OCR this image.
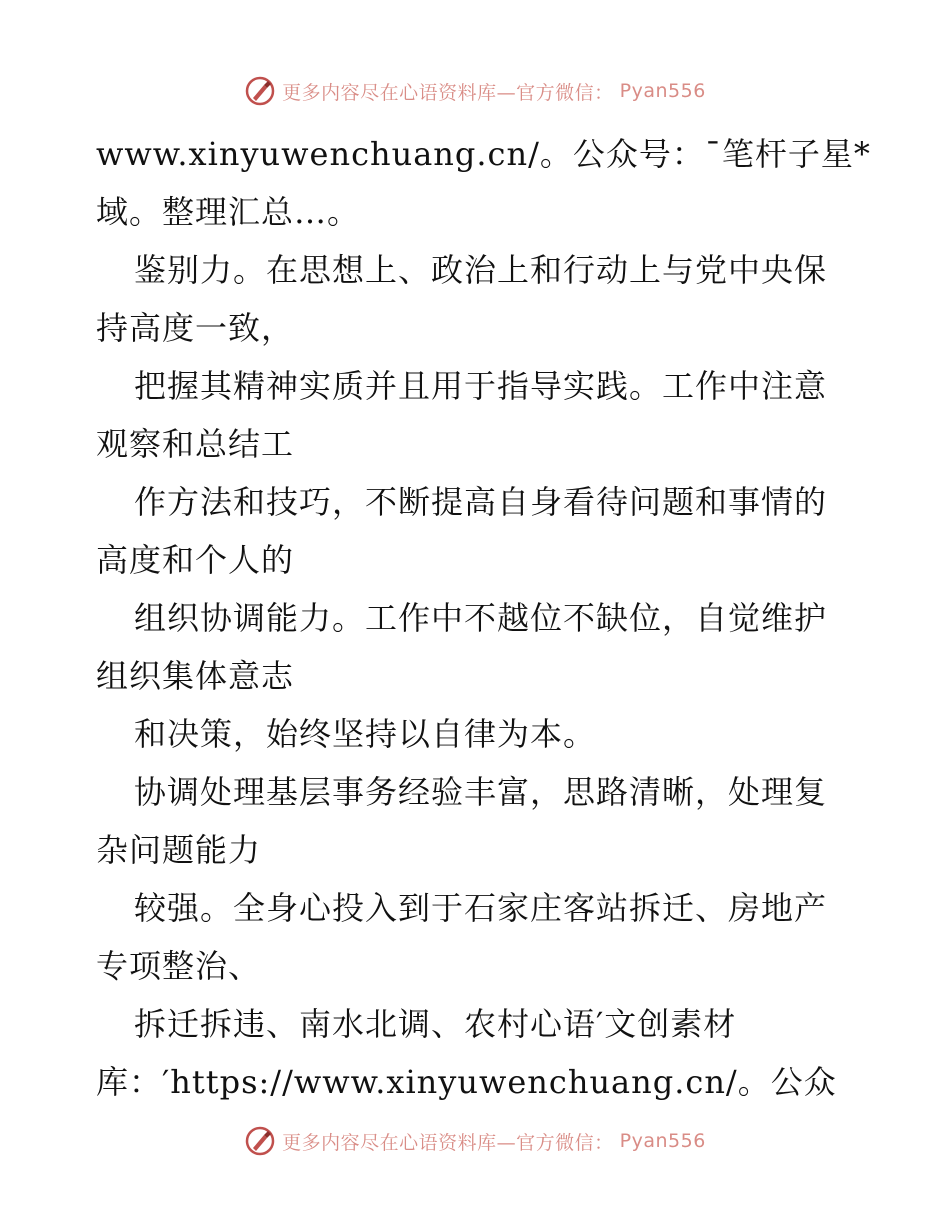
更多内容尽在心语资料库—官方微信： Pyan556

www.xinyuwenchuang.cn/。公众号：¯笔杆子星*

域。整理汇总…。

鉴别力。在思想上、政治上和行动上与党中央保

持高度一致，

把握其精神实质并且用于指导实践。工作中注意

观察和总结工

作方法和技巧，不断提高自身看待问题和事情的

高度和个人的

组织协调能力。工作中不越位不缺位，自觉维护

组织集体意志

和决策，始终坚持以自律为本。

协调处理基层事务经验丰富，思路清晰，处理复

杂问题能力

较强。全身心投入到于石家庄客站拆迁、房地产

专项整治、

拆迁拆违、南水北调、农村心语′文创素材

库：′https://www.xinyuwenchuang.cn/。公众

更多内容尽在心语资料库—官方微信： Pyan556
